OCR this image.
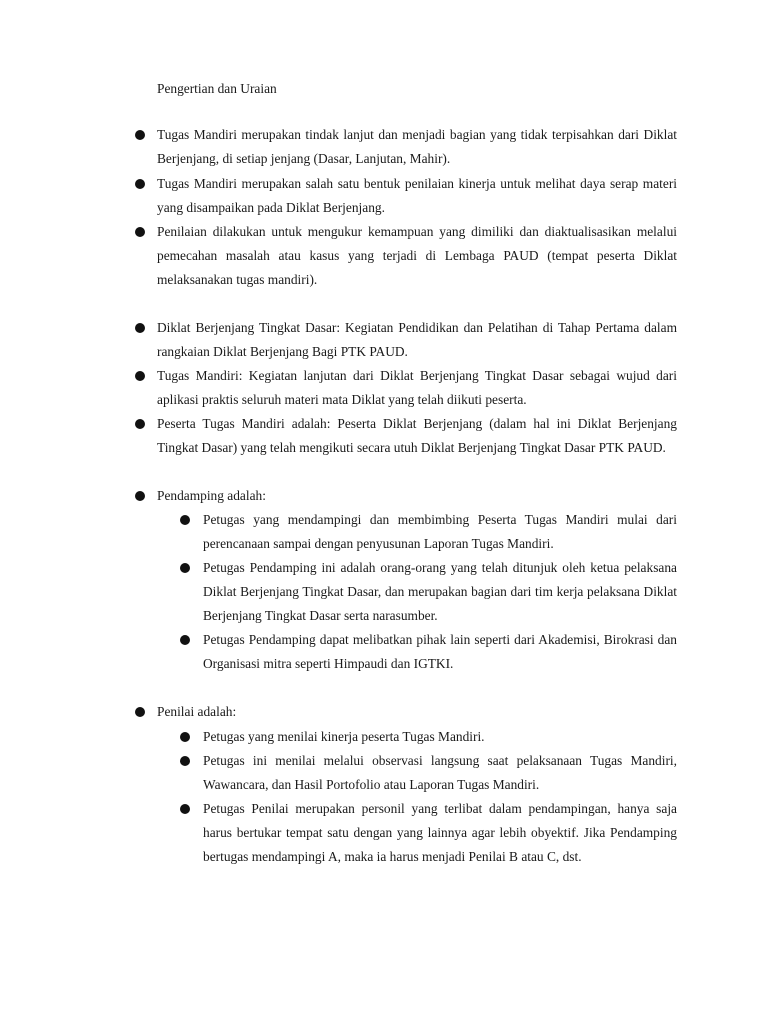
Pengertian dan Uraian
Tugas Mandiri merupakan tindak lanjut dan menjadi bagian yang tidak terpisahkan dari Diklat Berjenjang, di setiap jenjang (Dasar, Lanjutan, Mahir).
Tugas Mandiri merupakan salah satu bentuk penilaian kinerja untuk melihat daya serap materi yang disampaikan pada Diklat Berjenjang.
Penilaian dilakukan untuk mengukur kemampuan yang dimiliki dan diaktualisasikan melalui pemecahan masalah atau kasus yang terjadi di Lembaga PAUD (tempat peserta Diklat melaksanakan tugas mandiri).
Diklat Berjenjang Tingkat Dasar: Kegiatan Pendidikan dan Pelatihan di Tahap Pertama dalam rangkaian Diklat Berjenjang Bagi PTK PAUD.
Tugas Mandiri: Kegiatan lanjutan dari Diklat Berjenjang Tingkat Dasar sebagai wujud dari aplikasi praktis seluruh materi mata Diklat yang telah diikuti peserta.
Peserta Tugas Mandiri adalah: Peserta Diklat Berjenjang (dalam hal ini Diklat Berjenjang Tingkat Dasar) yang telah mengikuti secara utuh Diklat Berjenjang Tingkat Dasar PTK PAUD.
Pendamping adalah:
Petugas yang mendampingi dan membimbing Peserta Tugas Mandiri mulai dari perencanaan sampai dengan penyusunan Laporan Tugas Mandiri.
Petugas Pendamping ini adalah orang-orang yang telah ditunjuk oleh ketua pelaksana Diklat Berjenjang Tingkat Dasar, dan merupakan bagian dari tim kerja pelaksana Diklat Berjenjang Tingkat Dasar serta narasumber.
Petugas Pendamping dapat melibatkan pihak lain seperti dari Akademisi, Birokrasi dan Organisasi mitra seperti Himpaudi dan IGTKI.
Penilai adalah:
Petugas yang menilai kinerja peserta Tugas Mandiri.
Petugas ini menilai melalui observasi langsung saat pelaksanaan Tugas Mandiri, Wawancara, dan Hasil Portofolio atau Laporan Tugas Mandiri.
Petugas Penilai merupakan personil yang terlibat dalam pendampingan, hanya saja harus bertukar tempat satu dengan yang lainnya agar lebih obyektif. Jika Pendamping bertugas mendampingi A, maka ia harus menjadi Penilai B atau C, dst.
